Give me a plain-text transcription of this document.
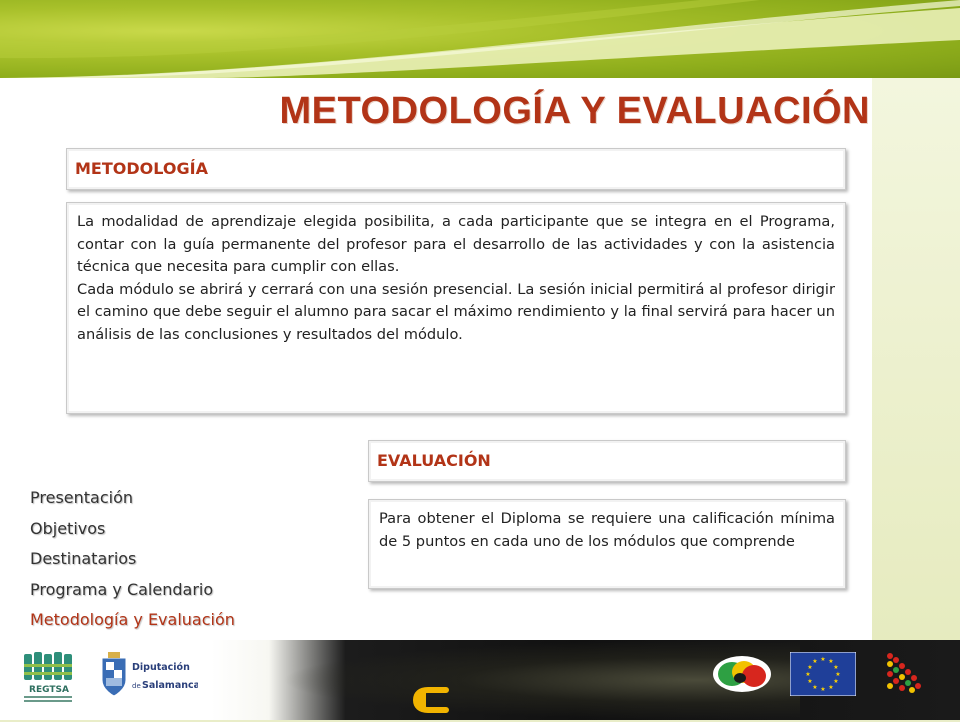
METODOLOGÍA Y EVALUACIÓN
METODOLOGÍA

La modalidad de aprendizaje elegida posibilita, a cada participante que se integra en el Programa, contar con la guía permanente del profesor para el desarrollo de las actividades y con la asistencia técnica que necesita para cumplir con ellas.

Cada módulo se abrirá y cerrará con una sesión presencial. La sesión inicial permitirá al profesor dirigir el camino que debe seguir el alumno para sacar el máximo rendimiento y la final servirá para hacer un análisis de las conclusiones y resultados del módulo.

EVALUACIÓN
Para obtener el Diploma se requiere una calificación mínima de 5 puntos en cada uno de los módulos que comprende
Presentación
Objetivos
Destinatarios
Programa y Calendario
Metodología y Evaluación
REGTSA
Diputación
de Salamanca
★ ★
★
★
★
★
★
★
★
★
★
★
